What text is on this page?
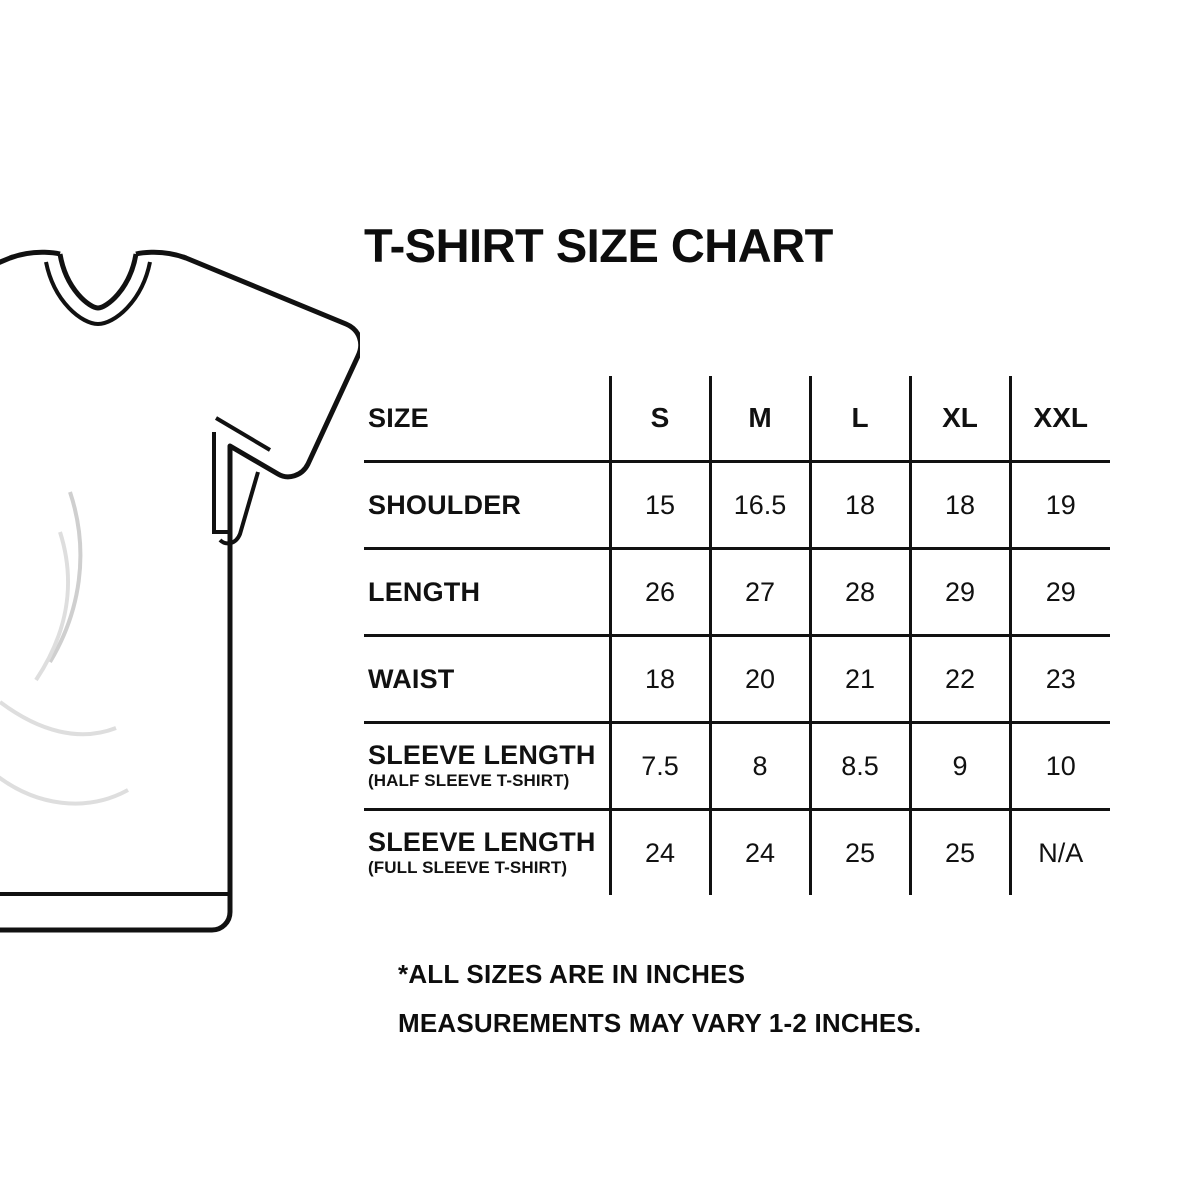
T-SHIRT SIZE CHART
SIZE	S	M	L	XL	XXL

SHOULDER	15	16.5	18	18	19

LENGTH	26	27	28	29	29

WAIST	18	20	21	22	23

SLEEVE LENGTH
(HALF SLEEVE T-SHIRT)	7.5	8	8.5	9	10

SLEEVE LENGTH
(FULL SLEEVE T-SHIRT)	24	24	25	25	N/A
*ALL SIZES ARE IN INCHES
MEASUREMENTS MAY VARY 1-2 INCHES.
